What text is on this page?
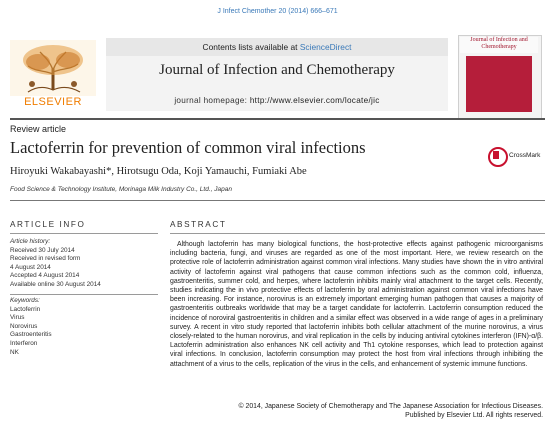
J Infect Chemother 20 (2014) 666–671
ELSEVIER
Contents lists available at ScienceDirect
Journal of Infection and Chemotherapy
journal homepage: http://www.elsevier.com/locate/jic
Journal of Infection and Chemotherapy
Review article
Lactoferrin for prevention of common viral infections	CrossMark
Hiroyuki Wakabayashi*, Hirotsugu Oda, Koji Yamauchi, Fumiaki Abe
Food Science & Technology Institute, Morinaga Milk Industry Co., Ltd., Japan
ARTICLE INFO
Article history:
Received 30 July 2014
Received in revised form
4 August 2014
Accepted 4 August 2014
Available online 30 August 2014
Keywords:
Lactoferrin
Virus
Norovirus
Gastroenteritis
Interferon
NK
ABSTRACT

Although lactoferrin has many biological functions, the host-protective effects against pathogenic microorganisms including bacteria, fungi, and viruses are regarded as one of the most important. Here, we review research on the protective role of lactoferrin administration against common viral infections. Many studies have shown the in vitro antiviral activity of lactoferrin against viral pathogens that cause common infections such as the common cold, influenza, gastroenteritis, summer cold, and herpes, where lactoferrin inhibits mainly viral attachment to the target cells. Recently, studies indicating the in vivo protective effects of lactoferrin by oral administration against common viral infections have been increasing. For instance, norovirus is an extremely important emerging human pathogen that causes a majority of gastroenteritis outbreaks worldwide that may be a target candidate for lactoferrin. Lactoferrin consumption reduced the incidence of noroviral gastroenteritis in children and a similar effect was observed in a wide range of ages in a preliminary survey. A recent in vitro study reported that lactoferrin inhibits both cellular attachment of the murine norovirus, a virus closely-related to the human norovirus, and viral replication in the cells by inducing antiviral cytokines interferon (IFN)-α/β. Lactoferrin administration also enhances NK cell activity and Th1 cytokine responses, which lead to protection against viral infections. In conclusion, lactoferrin consumption may protect the host from viral infections through inhibiting the attachment of a virus to the cells, replication of the virus in the cells, and enhancement of systemic immune functions.

© 2014, Japanese Society of Chemotherapy and The Japanese Association for Infectious Diseases.
Published by Elsevier Ltd. All rights reserved.
